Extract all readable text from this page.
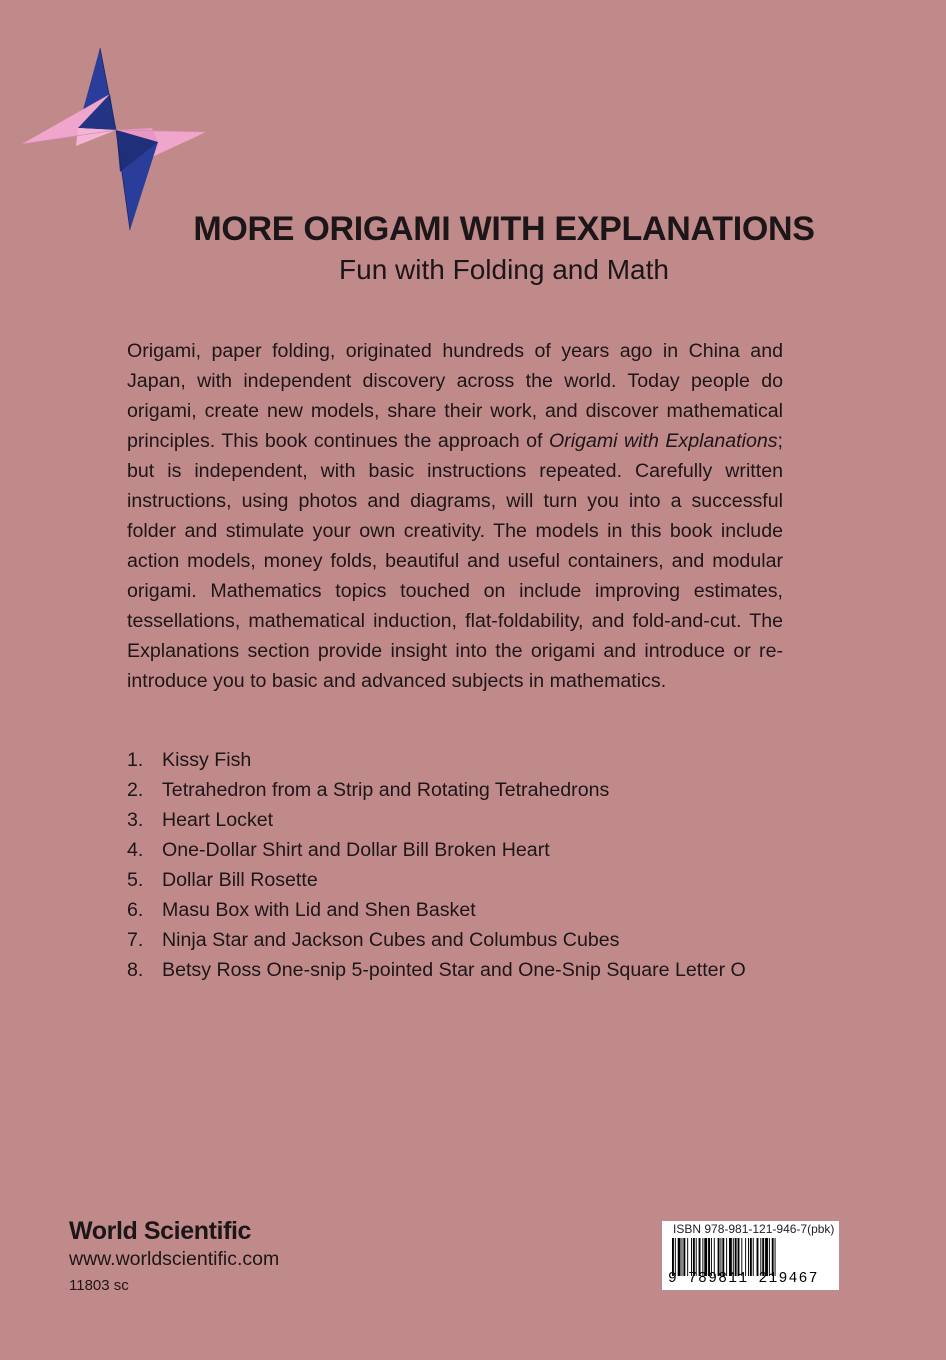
MORE ORIGAMI WITH EXPLANATIONS
Fun with Folding and Math

Origami, paper folding, originated hundreds of years ago in China and Japan, with independent discovery across the world. Today people do origami, create new models, share their work, and discover mathematical principles. This book continues the approach of Origami with Explanations; but is independent, with basic instructions repeated. Carefully written instructions, using photos and diagrams, will turn you into a successful folder and stimulate your own creativity. The models in this book include action models, money folds, beautiful and useful containers, and modular origami. Mathematics topics touched on include improving estimates, tessellations, mathematical induction, flat-foldability, and fold-and-cut. The Explanations section provide insight into the origami and introduce or re-introduce you to basic and advanced subjects in mathematics.

1. Kissy Fish
2. Tetrahedron from a Strip and Rotating Tetrahedrons
3. Heart Locket
4. One-Dollar Shirt and Dollar Bill Broken Heart
5. Dollar Bill Rosette
6. Masu Box with Lid and Shen Basket
7. Ninja Star and Jackson Cubes and Columbus Cubes
8. Betsy Ross One-snip 5-pointed Star and One-Snip Square Letter O
World Scientific
www.worldscientific.com
11803 sc
ISBN 978-981-121-946-7(pbk)
9 789811 219467
